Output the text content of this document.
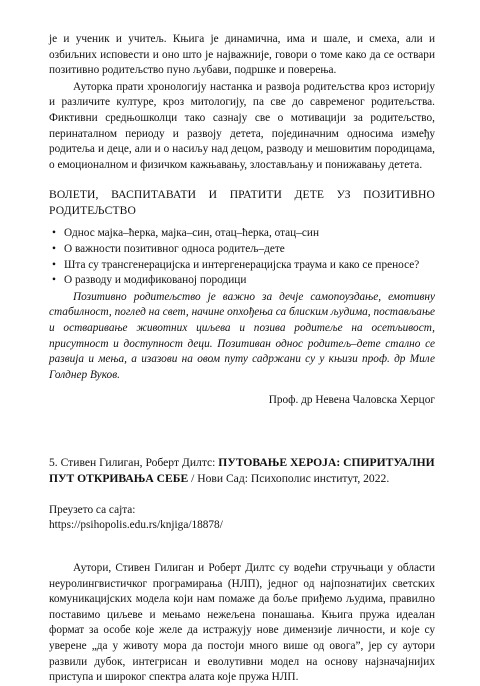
је и ученик и учитељ. Књига је динамична, има и шале, и смеха, али и озбиљних исповести и оно што је најважније, говори о томе како да се оствари позитивно родитељство пуно љубави, подршке и поверења.

Ауторка прати хронологију настанка и развоја родитељства кроз историју и различите културе, кроз митологију, па све до савременог родитељства. Фиктивни средњошколци тако сазнају све о мотивацији за родитељство, перинаталном периоду и развоју детета, појединачним односима између родитеља и деце, али и о насиљу над децом, разводу и мешовитим породицама, о емоционалном и физичком кажњавању, злостављању и понижавању детета.

ВОЛЕТИ, ВАСПИТАВАТИ И ПРАТИТИ ДЕТЕ УЗ ПОЗИТИВНО РОДИТЕЉСТВО

• Однос мајка–ћерка, мајка–син, отац–ћерка, отац–син
• О важности позитивног односа родитељ–дете
• Шта су трансгенерацијска и интергенерацијска траума и како се преносе?
• О разводу и модификованој породици

Позитивно родитељство је важно за дечје самопоуздање, емотивну стабилност, поглед на свет, начине опхођења са блиским људима, постављање и остваривање животних циљева и позива родитеље на осетљивост, присутност и доступност деци. Позитиван однос родитељ–дете стално се развија и мења, а изазови на овом путу садржани су у књизи проф. др Миле Голднер Вуков.

Проф. др Невена Чаловска Херцог

5. Стивен Гилиган, Роберт Дилтс: ПУТОВАЊЕ ХЕРОЈА: СПИРИТУАЛНИ ПУТ ОТКРИВАЊА СЕБЕ / Нови Сад: Психополис институт, 2022.

Преузето са сајта:

https://psihopolis.edu.rs/knjiga/18878/

Аутори, Стивен Гилиган и Роберт Дилтс су водећи стручњаци у области неуролингвистичког програмирања (НЛП), једног од најпознатијих светских комуникацијских модела који нам помаже да боље приђемо људима, правилно поставимо циљеве и мењамо нежељена понашања. Књига пружа идеалан формат за особе које желе да истражују нове димензије личности, и које су уверене „да у животу мора да постоји много више од овога”, јер су аутори развили дубок, интегрисан и еволутивни модел на основу најзначајнијих приступа и широког спектра алата које пружа НЛП.
